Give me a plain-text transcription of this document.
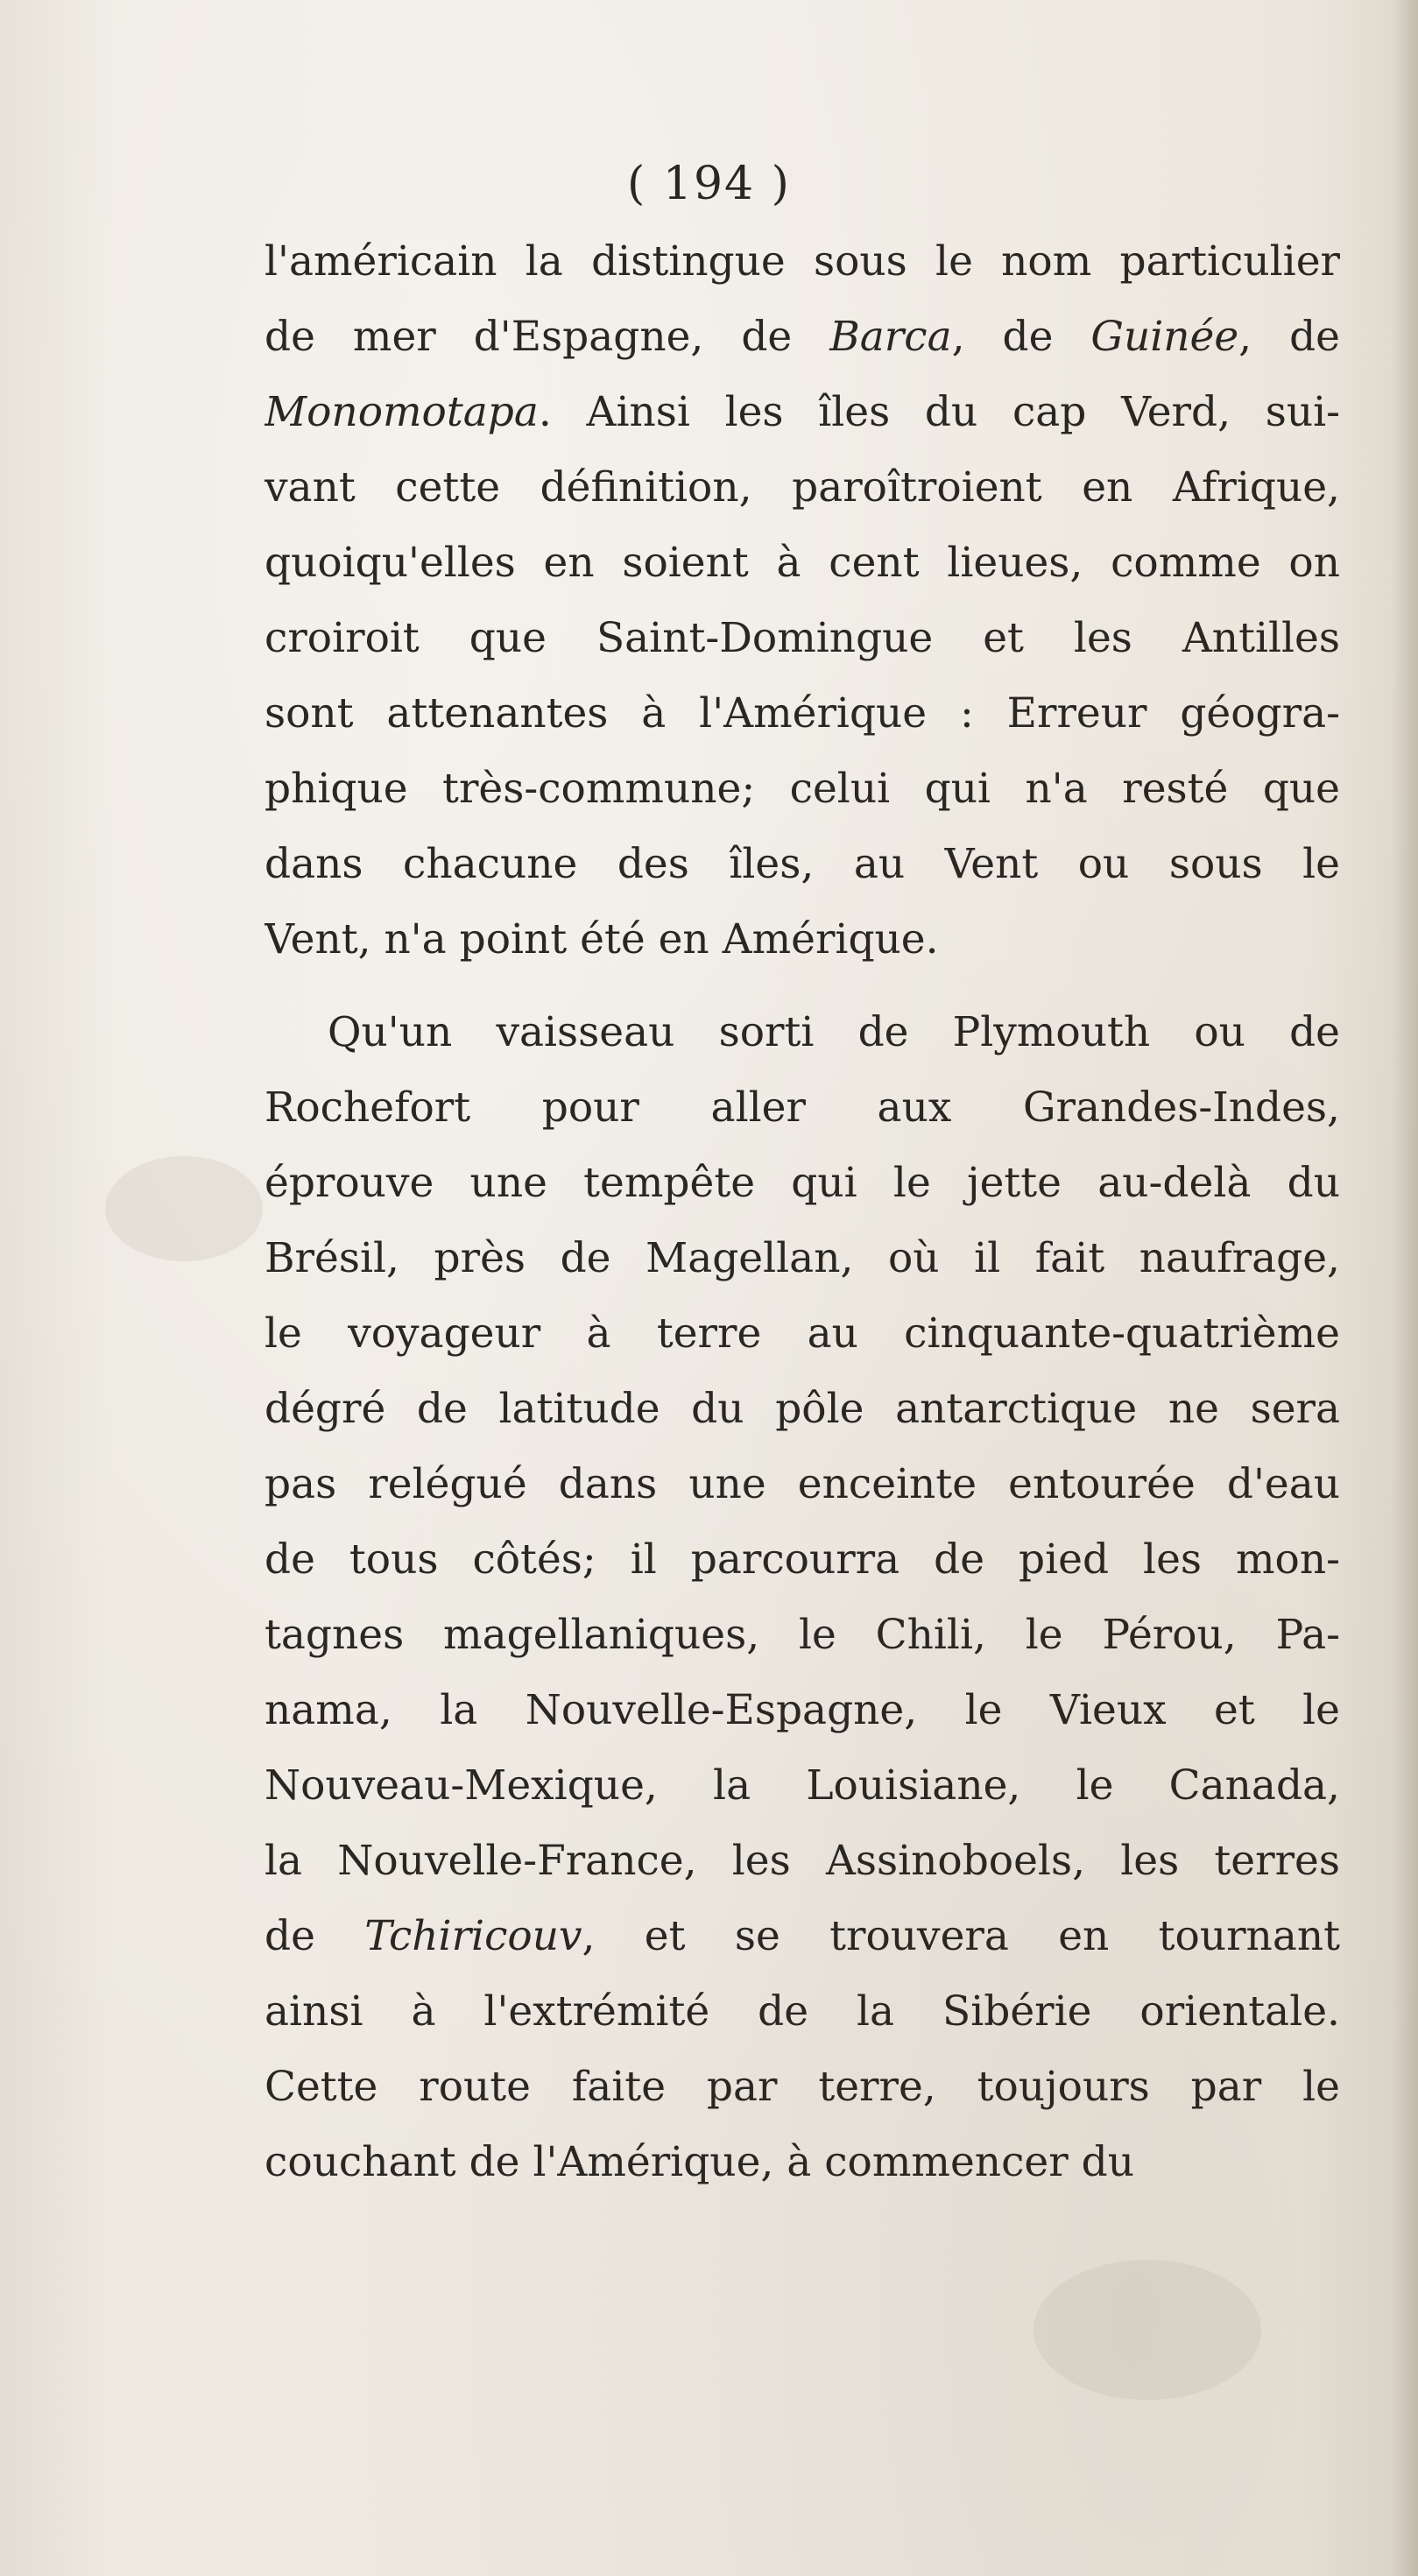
( 194 )
l'américain la distingue sous le nom particulier
de mer d'Espagne, de Barca, de Guinée, de
Monomotapa. Ainsi les îles du cap Verd, sui-
vant cette définition, paroîtroient en Afrique,
quoiqu'elles en soient à cent lieues, comme on
croiroit que Saint-Domingue et les Antilles
sont attenantes à l'Amérique : Erreur géogra-
phique très-commune; celui qui n'a resté que
dans chacune des îles, au Vent ou sous le
Vent, n'a point été en Amérique.
Qu'un vaisseau sorti de Plymouth ou de
Rochefort pour aller aux Grandes-Indes,
éprouve une tempête qui le jette au-delà du
Brésil, près de Magellan, où il fait naufrage,
le voyageur à terre au cinquante-quatrième
dégré de latitude du pôle antarctique ne sera
pas relégué dans une enceinte entourée d'eau
de tous côtés; il parcourra de pied les mon-
tagnes magellaniques, le Chili, le Pérou, Pa-
nama, la Nouvelle-Espagne, le Vieux et le
Nouveau-Mexique, la Louisiane, le Canada,
la Nouvelle-France, les Assinoboels, les terres
de Tchiricouv, et se trouvera en tournant
ainsi à l'extrémité de la Sibérie orientale.
Cette route faite par terre, toujours par le
couchant de l'Amérique, à commencer du
